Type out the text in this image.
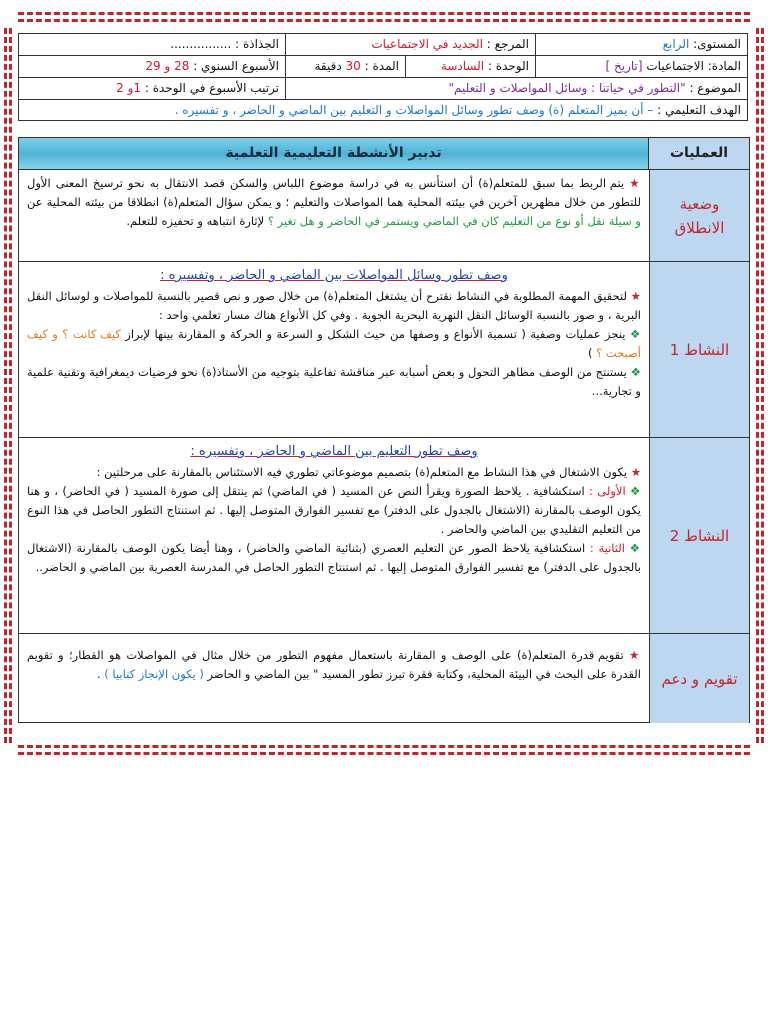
المستوى: الرابع
المرجع : الجديد في الاجتماعيات
الجذاذة : ................
المادة: الاجتماعيات [تاريخ ]
الوحدة : السادسة
المدة : 30 دقيقة
الأسبوع السنوي : 28 و 29
الموضوع : "التطور في حياتنا : وسائل المواصلات و التعليم"
ترتيب الأسبوع في الوحدة : 1و 2
الهدف التعليمي : – أن يميز المتعلم (ة) وصف تطور وسائل المواصلات و التعليم بين الماضي و الحاضر ، و تفسيره .
العمليات
تدبير الأنشطة التعليمية التعلمية
وضعية الانطلاق

★ يتم الربط بما سبق للمتعلم(ة) أن استأنس به في دراسة موضوع اللباس والسكن قصد الانتقال به نحو ترسيخ المعنى الأول للتطور من خلال مظهرين آخرين في بيئته المحلية هما المواصلات والتعليم ؛ و يمكن سؤال المتعلم(ة) انطلاقا من بيئته المحلية عن و سيلة نقل أو نوع من التعليم كان في الماضي ويستمر في الحاضر و هل تغير ؟ لإثارة انتباهه و تحفيزه للتعلم.

النشاط 1

وصف تطور وسائل المواصلات بين الماضي و الحاضر ، وتفسيره :

★ لتحقيق المهمة المطلوبة في النشاط نقترح أن يشتغل المتعلم(ة) من خلال صور و نص قصير بالنسبة للمواصلات و لوسائل النقل البرية ، و صور بالنسبة الوسائل النقل النهرية البحرية الجوية . وفي كل الأنواع هناك مسار تعلمي واحد :

❖ ينجز عمليات وصفية ( تسمية الأنواع و وصفها من حيث الشكل و السرعة و الحركة و المقارنة بينها لإبراز كيف كانت ؟ و كيف أصبحت ؟ )

❖ يستنتج من الوصف مظاهر التحول و بعض أسبابه عبر مناقشة تفاعلية بتوجيه من الأستاذ(ة) نحو فرضيات ديمغرافية وتقنية علمية و تجارية...

النشاط 2

وصف تطور التعليم بين الماضي و الحاضر ، وتفسيره :

★ يكون الاشتغال في هذا النشاط مع المتعلم(ة) بتصميم موضوعاتي تطوري فيه الاستئناس بالمقارنة على مرحلتين :

❖ الأولى : استكشافية . يلاحظ الصورة ويقرأ النص عن المسيد ( في الماضي) ثم ينتقل إلى صورة المسيد ( في الحاضر) ، و هنا يكون الوصف بالمقارنة (الاشتغال بالجدول على الدفتر) مع تفسير الفوارق المتوصل إليها . ثم استنتاج التطور الحاصل في هذا النوع من التعليم التقليدي بين الماضي والحاضر .

❖ الثانية : استكشافية يلاحظ الصور عن التعليم العصري (بثنائية الماضي والحاضر) ، وهنا أيضا يكون الوصف بالمقارنة (الاشتغال بالجدول على الدفتر) مع تفسير الفوارق المتوصل إليها . ثم استنتاج التطور الحاصل في المدرسة العصرية بين الماضي و الحاضر..

تقويم و دعم

★ تقويم قدرة المتعلم(ة) على الوصف و المقارنة باستعمال مفهوم التطور من خلال مثال في المواصلات هو القطار؛ و تقويم القدرة على البحث في البيئة المحلية، وكتابة فقرة تبرز تطور المسيد " بين الماضي و الحاضر ( يكون الإنجاز كتابيا ) .
